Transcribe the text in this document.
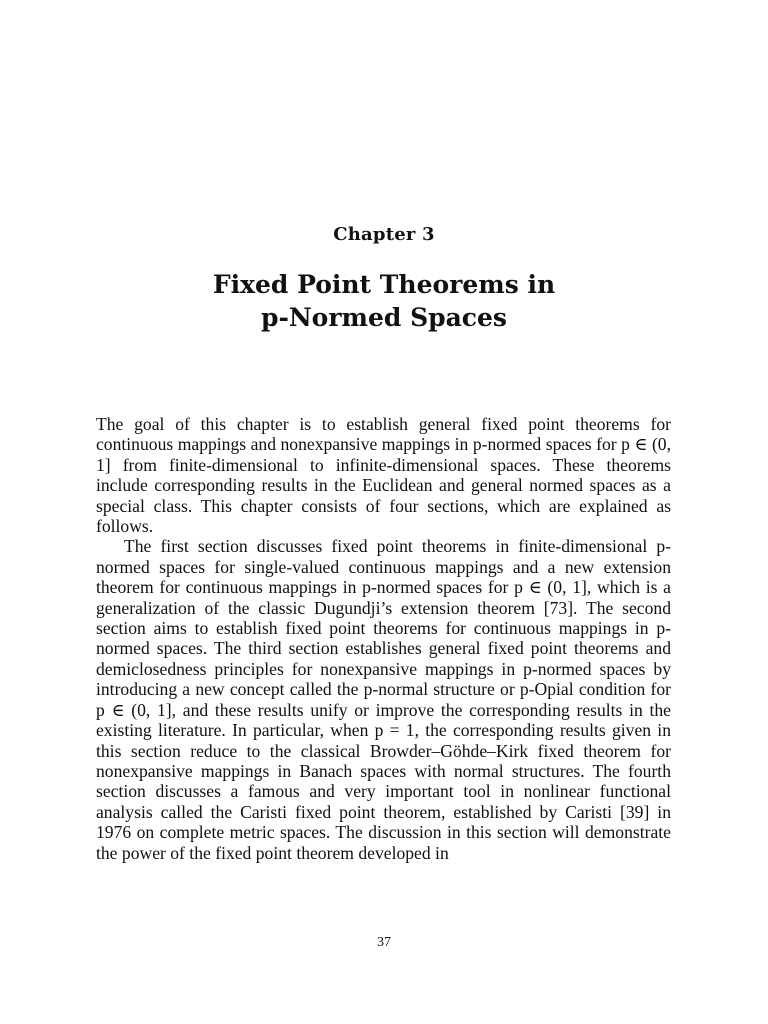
Chapter 3
Fixed Point Theorems in
p-Normed Spaces

The goal of this chapter is to establish general fixed point theorems for continuous mappings and nonexpansive mappings in p-normed spaces for p ∈ (0, 1] from finite-dimensional to infinite-dimensional spaces. These theorems include corresponding results in the Euclidean and general normed spaces as a special class. This chapter consists of four sections, which are explained as follows.

The first section discusses fixed point theorems in finite-dimensional p-normed spaces for single-valued continuous mappings and a new extension theorem for continuous mappings in p-normed spaces for p ∈ (0, 1], which is a generalization of the classic Dugundji’s extension theorem [73]. The second section aims to establish fixed point theorems for continuous mappings in p-normed spaces. The third section establishes general fixed point theorems and demiclosedness principles for nonexpansive mappings in p-normed spaces by introducing a new concept called the p-normal structure or p-Opial condition for p ∈ (0, 1], and these results unify or improve the corresponding results in the existing literature. In particular, when p = 1, the corresponding results given in this section reduce to the classical Browder–Göhde–Kirk fixed theorem for nonexpansive mappings in Banach spaces with normal structures. The fourth section discusses a famous and very important tool in nonlinear functional analysis called the Caristi fixed point theorem, established by Caristi [39] in 1976 on complete metric spaces. The discussion in this section will demonstrate the power of the fixed point theorem developed in

37
